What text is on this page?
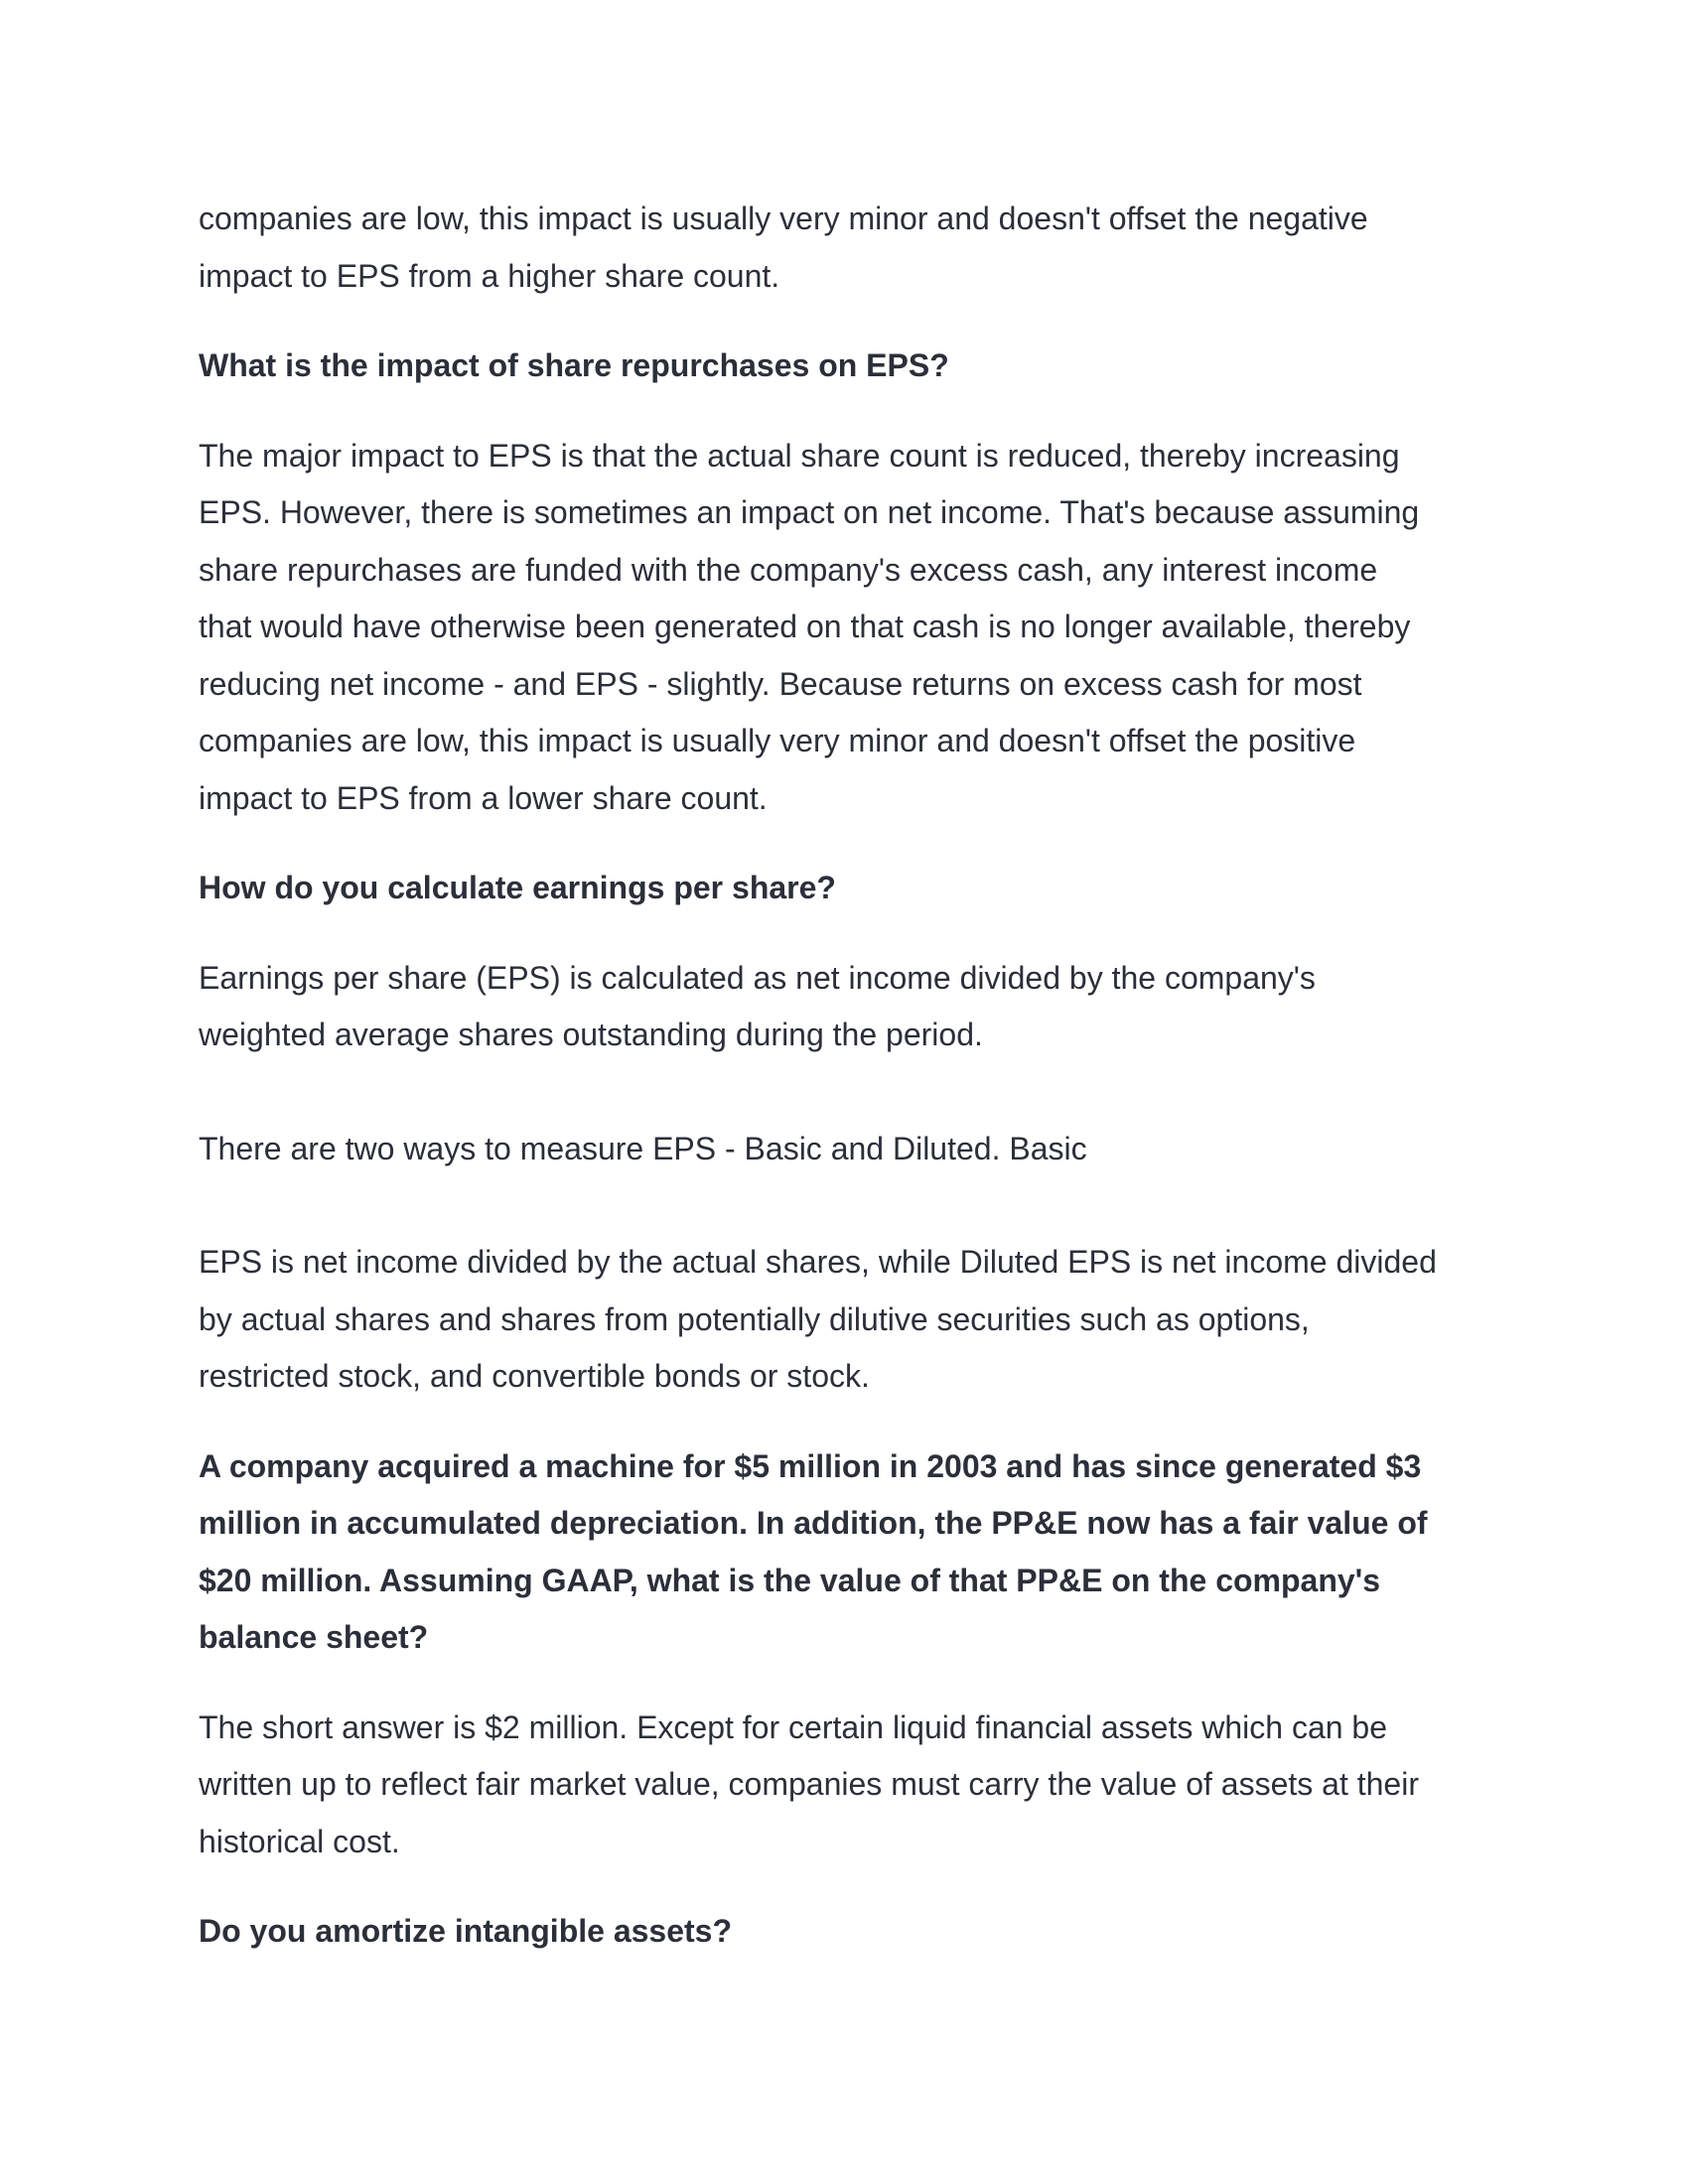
companies are low, this impact is usually very minor and doesn't offset the negative
impact to EPS from a higher share count.

What is the impact of share repurchases on EPS?

The major impact to EPS is that the actual share count is reduced, thereby increasing
EPS. However, there is sometimes an impact on net income. That's because assuming
share repurchases are funded with the company's excess cash, any interest income
that would have otherwise been generated on that cash is no longer available, thereby
reducing net income - and EPS - slightly. Because returns on excess cash for most
companies are low, this impact is usually very minor and doesn't offset the positive
impact to EPS from a lower share count.

How do you calculate earnings per share?

Earnings per share (EPS) is calculated as net income divided by the company's
weighted average shares outstanding during the period.

There are two ways to measure EPS - Basic and Diluted. Basic

EPS is net income divided by the actual shares, while Diluted EPS is net income divided
by actual shares and shares from potentially dilutive securities such as options,
restricted stock, and convertible bonds or stock.

A company acquired a machine for $5 million in 2003 and has since generated $3
million in accumulated depreciation. In addition, the PP&E now has a fair value of
$20 million. Assuming GAAP, what is the value of that PP&E on the company's
balance sheet?

The short answer is $2 million. Except for certain liquid financial assets which can be
written up to reflect fair market value, companies must carry the value of assets at their
historical cost.

Do you amortize intangible assets?
